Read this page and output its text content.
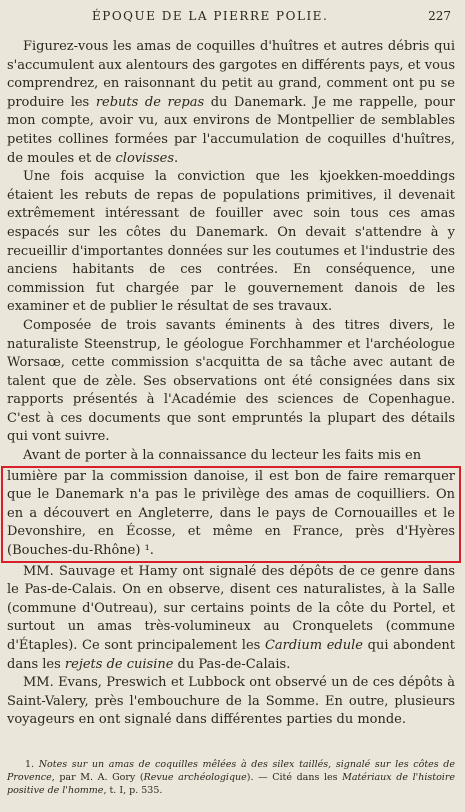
ÉPOQUE DE LA PIERRE POLIE.	227

Figurez-vous les amas de coquilles d'huîtres et autres débris qui s'accumulent aux alentours des gargotes en différents pays, et vous comprendrez, en raisonnant du petit au grand, comment ont pu se produire les rebuts de repas du Danemark. Je me rappelle, pour mon compte, avoir vu, aux environs de Montpellier de semblables petites collines formées par l'accumulation de coquilles d'huîtres, de moules et de clovisses.

Une fois acquise la conviction que les kjoekken-moeddings étaient les rebuts de repas de populations primitives, il devenait extrêmement intéressant de fouiller avec soin tous ces amas espacés sur les côtes du Danemark. On devait s'attendre à y recueillir d'importantes données sur les coutumes et l'industrie des anciens habitants de ces contrées. En conséquence, une commission fut chargée par le gouvernement danois de les examiner et de publier le résultat de ses travaux.

Composée de trois savants éminents à des titres divers, le naturaliste Steenstrup, le géologue Forchhammer et l'archéologue Worsaœ, cette commission s'acquitta de sa tâche avec autant de talent que de zèle. Ses observations ont été consignées dans six rapports présentés à l'Académie des sciences de Copenhague. C'est à ces documents que sont empruntés la plupart des détails qui vont suivre.

Avant de porter à la connaissance du lecteur les faits mis en

lumière par la commission danoise, il est bon de faire remarquer que le Danemark n'a pas le privilège des amas de coquilliers. On en a découvert en Angleterre, dans le pays de Cornouailles et le Devonshire, en Écosse, et même en France, près d'Hyères (Bouches-du-Rhône) ¹.

MM. Sauvage et Hamy ont signalé des dépôts de ce genre dans le Pas-de-Calais. On en observe, disent ces naturalistes, à la Salle (commune d'Outreau), sur certains points de la côte du Portel, et surtout un amas très-volumineux au Cronquelets (commune d'Étaples). Ce sont principalement les Cardium edule qui abondent dans les rejets de cuisine du Pas-de-Calais.

MM. Evans, Preswich et Lubbock ont observé un de ces dépôts à Saint-Valery, près l'embouchure de la Somme. En outre, plusieurs voyageurs en ont signalé dans différentes parties du monde.

1. Notes sur un amas de coquilles mêlées à des silex taillés, signalé sur les côtes de Provence, par M. A. Gory (Revue archéologique). — Cité dans les Matériaux de l'histoire positive de l'homme, t. I, p. 535.
